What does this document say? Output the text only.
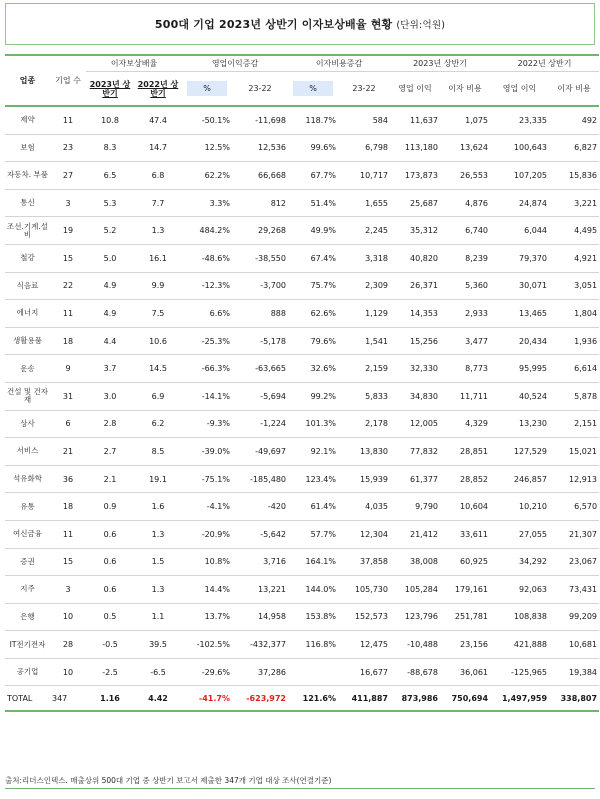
500대 기업 2023년 상반기 이자보상배율 현황 (단위:억원)
업종	기업 수	이자보상배율		영업이익증감		이자비용증감		2023년 상반기		2022년 상반기	
		2023년 상반기	2022년 상반기	%	23-22	%	23-22	영업 이익	이자 비용	영업 이익	이자 비용
제약	11	10.8	47.4	-50.1%	-11,698	118.7%	584	11,637	1,075	23,335	492
보험	23	8.3	14.7	12.5%	12,536	99.6%	6,798	113,180	13,624	100,643	6,827
자동차. 부품	27	6.5	6.8	62.2%	66,668	67.7%	10,717	173,873	26,553	107,205	15,836
통신	3	5.3	7.7	3.3%	812	51.4%	1,655	25,687	4,876	24,874	3,221
조선.기계.설비	19	5.2	1.3	484.2%	29,268	49.9%	2,245	35,312	6,740	6,044	4,495
철강	15	5.0	16.1	-48.6%	-38,550	67.4%	3,318	40,820	8,239	79,370	4,921
식음료	22	4.9	9.9	-12.3%	-3,700	75.7%	2,309	26,371	5,360	30,071	3,051
에너지	11	4.9	7.5	6.6%	888	62.6%	1,129	14,353	2,933	13,465	1,804
생활용품	18	4.4	10.6	-25.3%	-5,178	79.6%	1,541	15,256	3,477	20,434	1,936
운송	9	3.7	14.5	-66.3%	-63,665	32.6%	2,159	32,330	8,773	95,995	6,614
건설 및 건자재	31	3.0	6.9	-14.1%	-5,694	99.2%	5,833	34,830	11,711	40,524	5,878
상사	6	2.8	6.2	-9.3%	-1,224	101.3%	2,178	12,005	4,329	13,230	2,151
서비스	21	2.7	8.5	-39.0%	-49,697	92.1%	13,830	77,832	28,851	127,529	15,021
석유화학	36	2.1	19.1	-75.1%	-185,480	123.4%	15,939	61,377	28,852	246,857	12,913
유통	18	0.9	1.6	-4.1%	-420	61.4%	4,035	9,790	10,604	10,210	6,570
여신금융	11	0.6	1.3	-20.9%	-5,642	57.7%	12,304	21,412	33,611	27,055	21,307
증권	15	0.6	1.5	10.8%	3,716	164.1%	37,858	38,008	60,925	34,292	23,067
지주	3	0.6	1.3	14.4%	13,221	144.0%	105,730	105,284	179,161	92,063	73,431
은행	10	0.5	1.1	13.7%	14,958	153.8%	152,573	123,796	251,781	108,838	99,209
IT전기전자	28	-0.5	39.5	-102.5%	-432,377	116.8%	12,475	-10,488	23,156	421,888	10,681
공기업	10	-2.5	-6.5	-29.6%	37,286		16,677	-88,678	36,061	-125,965	19,384
TOTAL	347	1.16	4.42	-41.7%	-623,972	121.6%	411,887	873,986	750,694	1,497,959	338,807
출처:리더스인덱스. 매출상위 500대 기업 중 상반기 보고서 제출한 347개 기업 대상 조사(연결기준)
